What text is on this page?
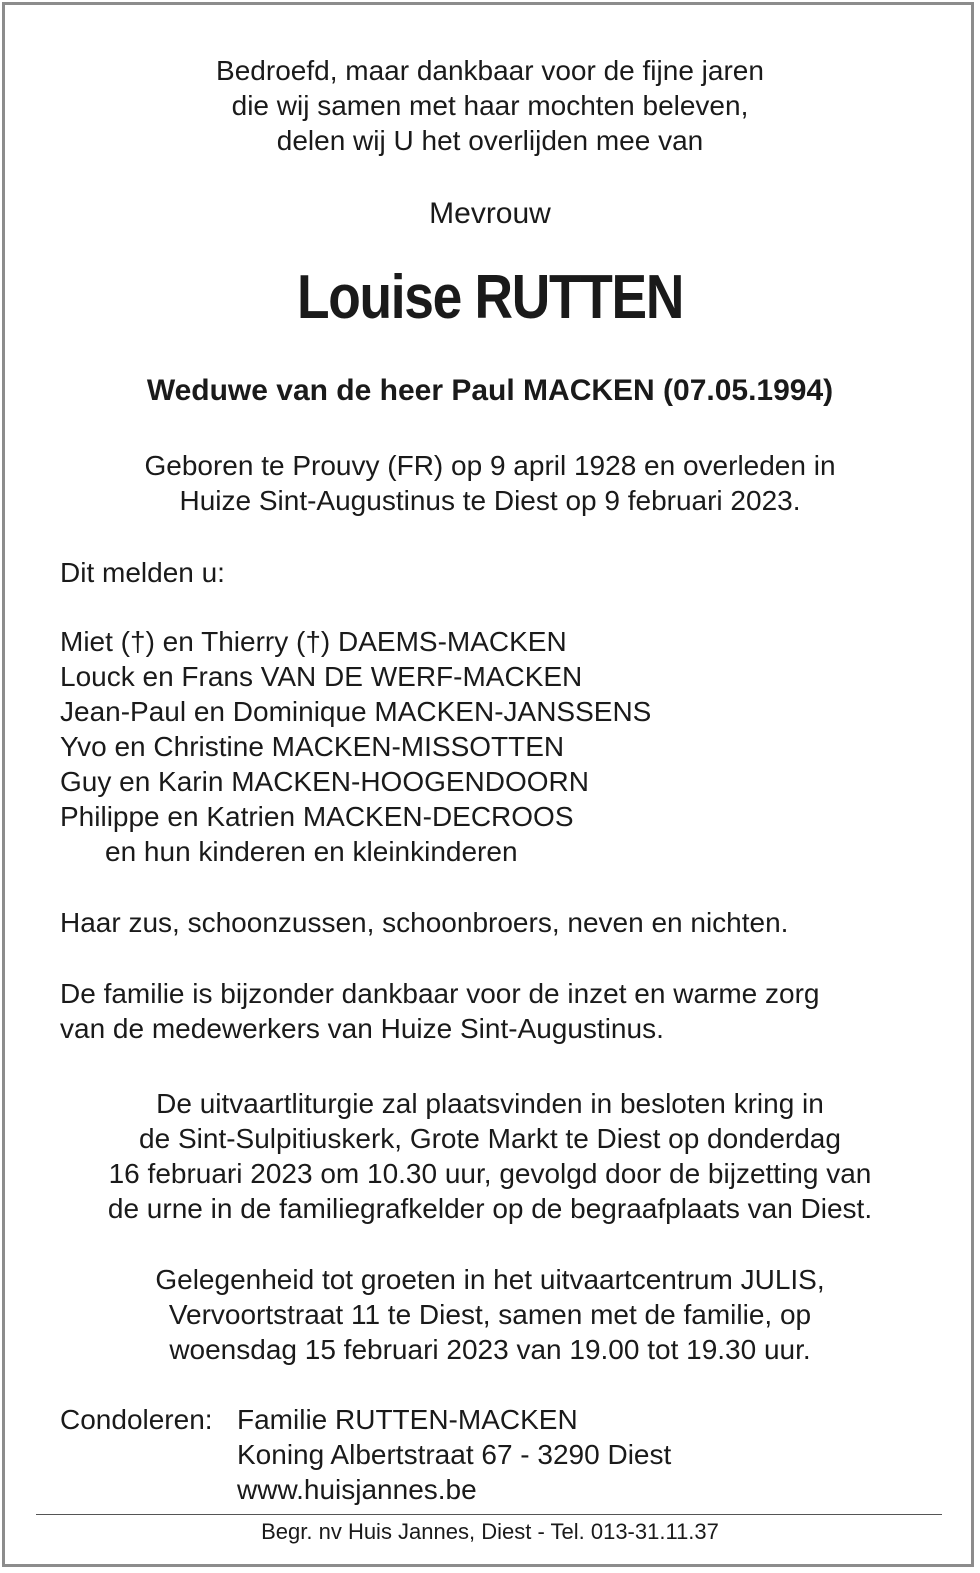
Bedroefd, maar dankbaar voor de fijne jaren
die wij samen met haar mochten beleven,
delen wij U het overlijden mee van
Mevrouw
Louise RUTTEN
Weduwe van de heer Paul MACKEN (07.05.1994)
Geboren te Prouvy (FR) op 9 april 1928 en overleden in
Huize Sint-Augustinus te Diest op 9 februari 2023.
Dit melden u:
Miet (†) en Thierry (†) DAEMS-MACKEN
Louck en Frans VAN DE WERF-MACKEN
Jean-Paul en Dominique MACKEN-JANSSENS
Yvo en Christine MACKEN-MISSOTTEN
Guy en Karin MACKEN-HOOGENDOORN
Philippe en Katrien MACKEN-DECROOS
en hun kinderen en kleinkinderen
Haar zus, schoonzussen, schoonbroers, neven en nichten.
De familie is bijzonder dankbaar voor de inzet en warme zorg
van de medewerkers van Huize Sint-Augustinus.
De uitvaartliturgie zal plaatsvinden in besloten kring in
de Sint-Sulpitiuskerk, Grote Markt te Diest op donderdag
16 februari 2023 om 10.30 uur, gevolgd door de bijzetting van
de urne in de familiegrafkelder op de begraafplaats van Diest.
Gelegenheid tot groeten in het uitvaartcentrum JULIS,
Vervoortstraat 11 te Diest, samen met de familie, op
woensdag 15 februari 2023 van 19.00 tot 19.30 uur.
Condoleren: Familie RUTTEN-MACKEN
Koning Albertstraat 67 - 3290 Diest
www.huisjannes.be
Begr. nv Huis Jannes, Diest - Tel. 013-31.11.37
